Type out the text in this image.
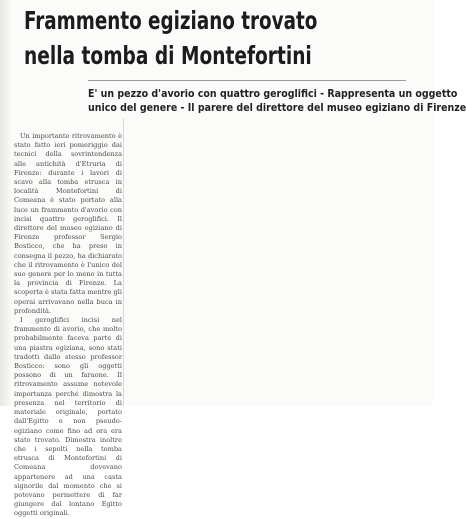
Frammento egiziano trovato
nella tomba di Montefortini
E' un pezzo d'avorio con quattro geroglifici - Rappresenta un oggetto
unico del genere - Il parere del direttore del museo egiziano di Firenze

Un importante ritrovamento è stato fatto ieri pomeriggio dai tecnici della sovrintendenza alle antichità d'Etruria di Firenze: durante i lavori di scavo alla tomba etrusca in località Montefortini di Comeana è stato portato alla luce un frammento d'avorio con incisi quattro geroglifici. Il direttore del museo egiziano di Firenze professor Sergio Bosticco, che ha preso in consegna il pezzo, ha dichiarato che il ritrovamento è l'unico del suo genere per lo meno in tutta la provincia di Firenze. La scoperta è stata fatta mentre gli operai arrivavano nella buca in profondità.

I geroglifici incisi nel frammento di avorio, che molto probabilmente faceva parte di una piastra egiziana, sono stati tradotti dallo stesso professor Bosticco: sono gli oggetti possono di un faraone. Il ritrovamento assume notevole importanza perché dimostra la presenza nel territorio di materiale originale, portato dall'Egitto e non pseudo-egiziano come fino ad ora era stato trovato. Dimostra inoltre che i sepolti nella tomba etrusca di Montefortini di Comeana dovevano appartenere ad una casta signorile dal momento che si potevano permettere di far giungere dal lontano Egitto oggetti originali.
